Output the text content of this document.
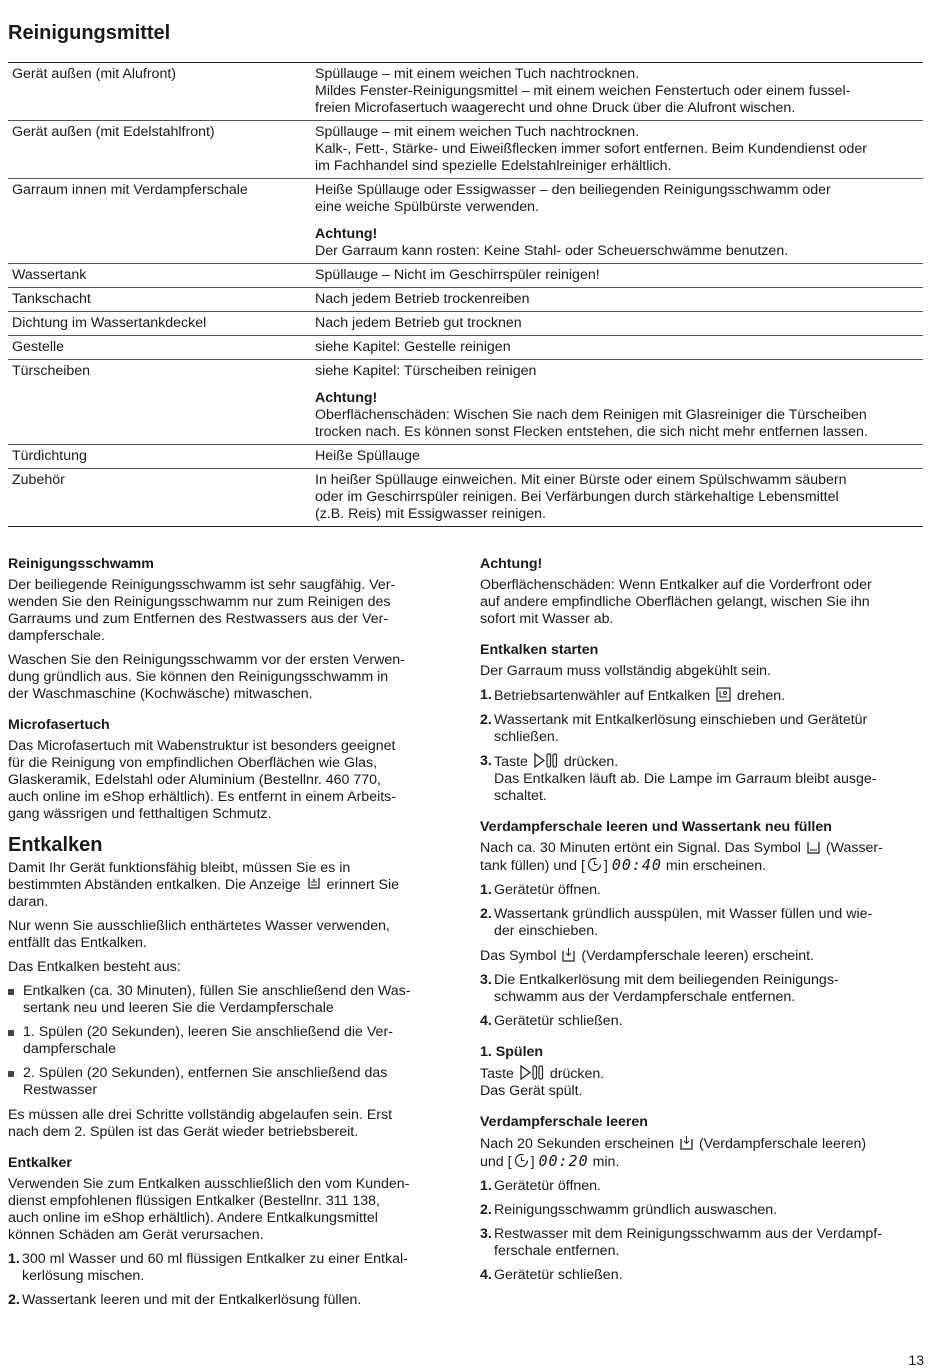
Reinigungsmittel
Gerät außen (mit Alufront)	Spüllauge – mit einem weichen Tuch nachtrocknen.
Mildes Fenster-Reinigungsmittel – mit einem weichen Fenstertuch oder einem fussel-
freien Microfasertuch waagerecht und ohne Druck über die Alufront wischen.
Gerät außen (mit Edelstahlfront)	Spüllauge – mit einem weichen Tuch nachtrocknen.
Kalk-, Fett-, Stärke- und Eiweißflecken immer sofort entfernen. Beim Kundendienst oder
im Fachhandel sind spezielle Edelstahlreiniger erhältlich.
Garraum innen mit Verdampferschale	Heiße Spüllauge oder Essigwasser – den beiliegenden Reinigungsschwamm oder
eine weiche Spülbürste verwenden.
Achtung!
Der Garraum kann rosten: Keine Stahl- oder Scheuerschwämme benutzen.

Wassertank	Spüllauge – Nicht im Geschirrspüler reinigen!
Tankschacht	Nach jedem Betrieb trockenreiben
Dichtung im Wassertankdeckel	Nach jedem Betrieb gut trocknen
Gestelle	siehe Kapitel: Gestelle reinigen
Türscheiben	siehe Kapitel: Türscheiben reinigen
Achtung!
Oberflächenschäden: Wischen Sie nach dem Reinigen mit Glasreiniger die Türscheiben
trocken nach. Es können sonst Flecken entstehen, die sich nicht mehr entfernen lassen.

Türdichtung	Heiße Spüllauge
Zubehör	In heißer Spüllauge einweichen. Mit einer Bürste oder einem Spülschwamm säubern
oder im Geschirrspüler reinigen. Bei Verfärbungen durch stärkehaltige Lebensmittel
(z.B. Reis) mit Essigwasser reinigen.
Reinigungsschwamm

Der beiliegende Reinigungsschwamm ist sehr saugfähig. Ver-
wenden Sie den Reinigungsschwamm nur zum Reinigen des
Garraums und zum Entfernen des Restwassers aus der Ver-
dampferschale.

Waschen Sie den Reinigungsschwamm vor der ersten Verwen-
dung gründlich aus. Sie können den Reinigungsschwamm in
der Waschmaschine (Kochwäsche) mitwaschen.

Microfasertuch

Das Microfasertuch mit Wabenstruktur ist besonders geeignet
für die Reinigung von empfindlichen Oberflächen wie Glas,
Glaskeramik, Edelstahl oder Aluminium (Bestellnr. 460 770,
auch online im eShop erhältlich). Es entfernt in einem Arbeits-
gang wässrigen und fetthaltigen Schmutz.

Entkalken

Damit Ihr Gerät funktionsfähig bleibt, müssen Sie es in
bestimmten Abständen entkalken. Die Anzeige erinnert Sie
daran.

Nur wenn Sie ausschließlich enthärtetes Wasser verwenden,
entfällt das Entkalken.

Das Entkalken besteht aus:

Entkalken (ca. 30 Minuten), füllen Sie anschließend den Was-
sertank neu und leeren Sie die Verdampferschale
1. Spülen (20 Sekunden), leeren Sie anschließend die Ver-
dampferschale
2. Spülen (20 Sekunden), entfernen Sie anschließend das
Restwasser

Es müssen alle drei Schritte vollständig abgelaufen sein. Erst
nach dem 2. Spülen ist das Gerät wieder betriebsbereit.

Entkalker

Verwenden Sie zum Entkalken ausschließlich den vom Kunden-
dienst empfohlenen flüssigen Entkalker (Bestellnr. 311 138,
auch online im eShop erhältlich). Andere Entkalkungsmittel
können Schäden am Gerät verursachen.

1. 300 ml Wasser und 60 ml flüssigen Entkalker zu einer Entkal-
kerlösung mischen.
2. Wassertank leeren und mit der Entkalkerlösung füllen.
Achtung!

Oberflächenschäden: Wenn Entkalker auf die Vorderfront oder
auf andere empfindliche Oberflächen gelangt, wischen Sie ihn
sofort mit Wasser ab.

Entkalken starten

Der Garraum muss vollständig abgekühlt sein.

1. Betriebsartenwähler auf Entkalken drehen.
2. Wassertank mit Entkalkerlösung einschieben und Gerätetür
schließen.
3. Taste	drücken.
Das Entkalken läuft ab. Die Lampe im Garraum bleibt ausge-
schaltet.
Verdampferschale leeren und Wassertank neu füllen

Nach ca. 30 Minuten ertönt ein Signal. Das Symbol (Wasser-
tank füllen) und [ ] 00:40 min erscheinen.

1. Gerätetür öffnen.
2. Wassertank gründlich ausspülen, mit Wasser füllen und wie-
der einschieben.

Das Symbol (Verdampferschale leeren) erscheint.

3. Die Entkalkerlösung mit dem beiliegenden Reinigungs-
schwamm aus der Verdampferschale entfernen.
4. Gerätetür schließen.
1. Spülen

Taste	drücken.
Das Gerät spült.

Verdampferschale leeren

Nach 20 Sekunden erscheinen (Verdampferschale leeren)
und [ ] 00:20 min.

1. Gerätetür öffnen.
2. Reinigungsschwamm gründlich auswaschen.
3. Restwasser mit dem Reinigungsschwamm aus der Verdampf-
ferschale entfernen.
4. Gerätetür schließen.
13
